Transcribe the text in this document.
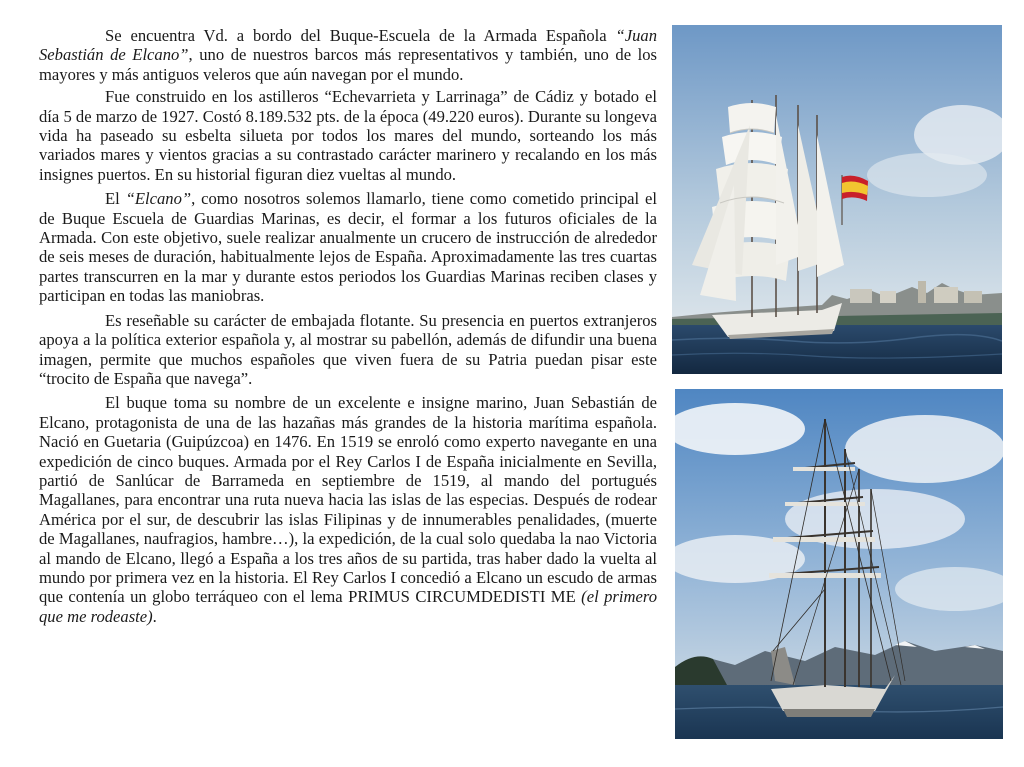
Se encuentra Vd. a bordo del Buque-Escuela de la Armada Española “Juan Sebastián de Elcano”, uno de nuestros barcos más representativos y también, uno de los mayores y más antiguos veleros que aún navegan por el mundo.

Fue construido en los astilleros “Echevarrieta y Larrinaga” de Cádiz y botado el día 5 de marzo de 1927. Costó 8.189.532 pts. de la época (49.220 euros). Durante su longeva vida ha paseado su esbelta silueta por todos los mares del mundo, sorteando los más variados mares y vientos gracias a su contrastado carácter marinero y recalando en los más insignes puertos. En su historial figuran diez vueltas al mundo.

El “Elcano”, como nosotros solemos llamarlo, tiene como cometido principal el de Buque Escuela de Guardias Marinas, es decir, el formar a los futuros oficiales de la Armada. Con este objetivo, suele realizar anualmente un crucero de instrucción de alrededor de seis meses de duración, habitualmente lejos de España. Aproximadamente las tres cuartas partes transcurren en la mar y durante estos periodos los Guardias Marinas reciben clases y participan en todas las maniobras.

Es reseñable su carácter de embajada flotante. Su presencia en puertos extranjeros apoya a la política exterior española y, al mostrar su pabellón, además de difundir una buena imagen, permite que muchos españoles que viven fuera de su Patria puedan pisar este “trocito de España que navega”.

El buque toma su nombre de un excelente e insigne marino, Juan Sebastián de Elcano, protagonista de una de las hazañas más grandes de la historia marítima española. Nació en Guetaria (Guipúzcoa) en 1476. En 1519 se enroló como experto navegante en una expedición de cinco buques. Armada por el Rey Carlos I de España inicialmente en Sevilla, partió de Sanlúcar de Barrameda en septiembre de 1519, al mando del portugués Magallanes, para encontrar una ruta nueva hacia las islas de las especias. Después de rodear América por el sur, de descubrir las islas Filipinas y de innumerables penalidades, (muerte de Magallanes, naufragios, hambre…), la expedición, de la cual solo quedaba la nao Victoria al mando de Elcano, llegó a España a los tres años de su partida, tras haber dado la vuelta al mundo por primera vez en la historia. El Rey Carlos I concedió a Elcano un escudo de armas que contenía un globo terráqueo con el lema PRIMUS CIRCUMDEDISTI ME (el primero que me rodeaste).
